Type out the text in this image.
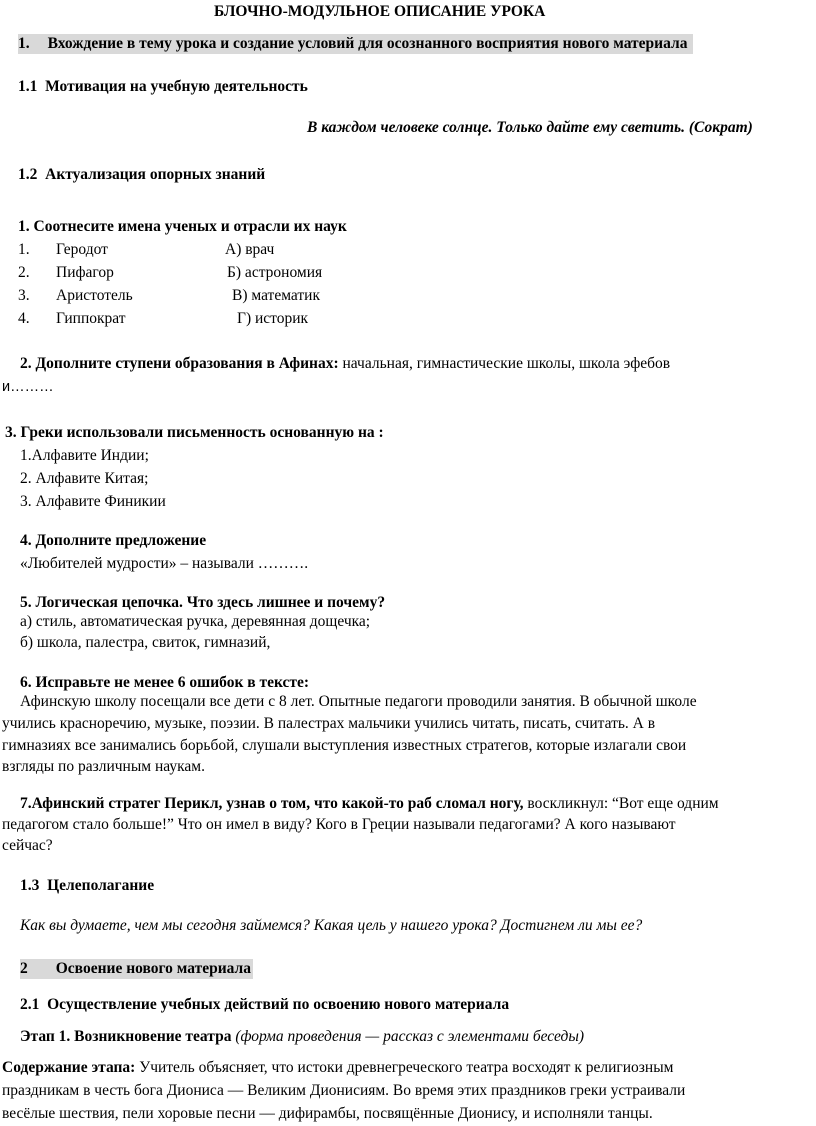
БЛОЧНО-МОДУЛЬНОЕ ОПИСАНИЕ УРОКА
1. Вхождение в тему урока и создание условий для осознанного восприятия нового материала
1.1 Мотивация на учебную деятельность
В каждом человеке солнце. Только дайте ему светить. (Сократ)
1.2 Актуализация опорных знаний
1. Соотнесите имена ученых и отрасли их наук
1. Геродот	А) врач
2. Пифагор	Б) астрономия
3. Аристотель	В) математик
4. Гиппократ	Г) историк
2. Дополните ступени образования в Афинах: начальная, гимнастические школы, школа эфебов
и………
3. Греки использовали письменность основанную на :
1.Алфавите Индии;
2. Алфавите Китая;
3. Алфавите Финикии
4. Дополните предложение
«Любителей мудрости» – называли ……….
5. Логическая цепочка. Что здесь лишнее и почему?
а) стиль, автоматическая ручка, деревянная дощечка;
б) школа, палестра, свиток, гимназий,
6. Исправьте не менее 6 ошибок в тексте:
Афинскую школу посещали все дети с 8 лет. Опытные педагоги проводили занятия. В обычной школе
учились красноречию, музыке, поэзии. В палестрах мальчики учились читать, писать, считать. А в
гимназиях все занимались борьбой, слушали выступления известных стратегов, которые излагали свои
взгляды по различным наукам.
7.Афинский стратег Перикл, узнав о том, что какой-то раб сломал ногу, воскликнул: “Вот еще одним
педагогом стало больше!” Что он имел в виду? Кого в Греции называли педагогами? А кого называют
сейчас?
1.3 Целеполагание
Как вы думаете, чем мы сегодня займемся? Какая цель у нашего урока? Достигнем ли мы ее?
2 Освоение нового материала
2.1 Осуществление учебных действий по освоению нового материала
Этап 1. Возникновение театра (форма проведения — рассказ с элементами беседы)
Содержание этапа: Учитель объясняет, что истоки древнегреческого театра восходят к религиозным
праздникам в честь бога Диониса — Великим Дионисиям. Во время этих праздников греки устраивали
весёлые шествия, пели хоровые песни — дифирамбы, посвящённые Дионису, и исполняли танцы.
